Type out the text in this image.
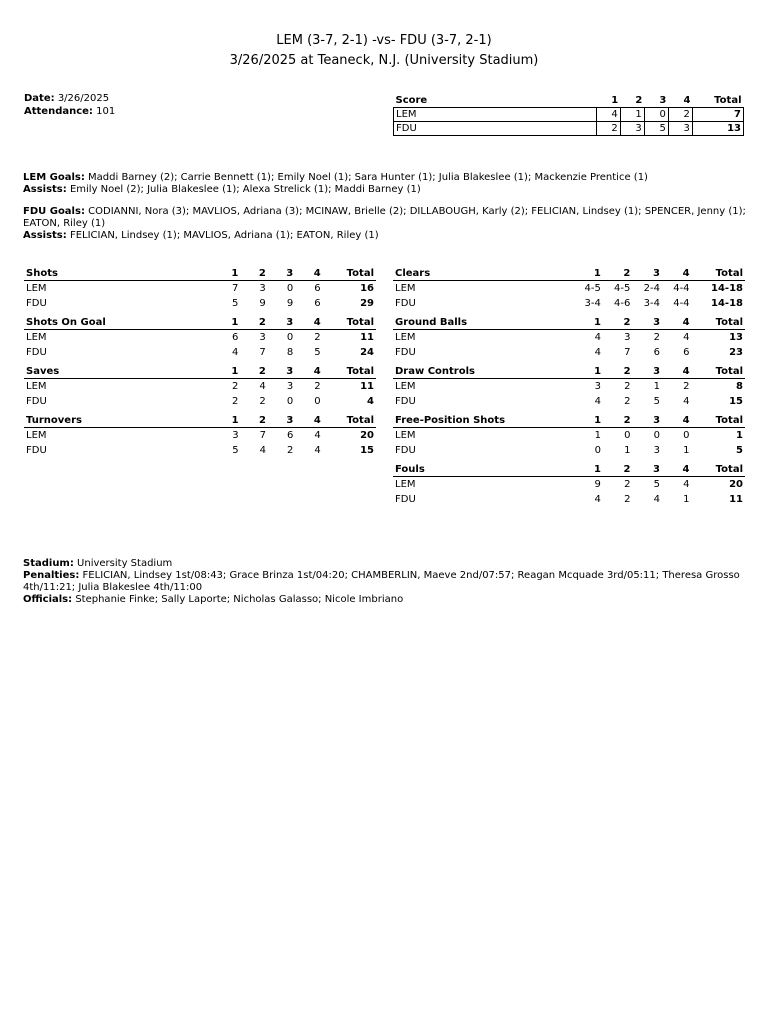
LEM (3-7, 2-1) -vs- FDU (3-7, 2-1)
3/26/2025 at Teaneck, N.J. (University Stadium)
Date: 3/26/2025
Attendance: 101
Score	1	2	3	4	Total
LEM	4	1	0	2	7
FDU	2	3	5	3	13
LEM Goals: Maddi Barney (2); Carrie Bennett (1); Emily Noel (1); Sara Hunter (1); Julia Blakeslee (1); Mackenzie Prentice (1)
Assists: Emily Noel (2); Julia Blakeslee (1); Alexa Strelick (1); Maddi Barney (1)
FDU Goals: CODIANNI, Nora (3); MAVLIOS, Adriana (3); MCINAW, Brielle (2); DILLABOUGH, Karly (2); FELICIAN, Lindsey (1); SPENCER, Jenny (1); EATON, Riley (1)
Assists: FELICIAN, Lindsey (1); MAVLIOS, Adriana (1); EATON, Riley (1)
Shots	1	2	3	4	Total
LEM	7	3	0	6	16
FDU	5	9	9	6	29
Shots On Goal	1	2	3	4	Total
LEM	6	3	0	2	11
FDU	4	7	8	5	24
Saves	1	2	3	4	Total
LEM	2	4	3	2	11
FDU	2	2	0	0	4
Turnovers	1	2	3	4	Total
LEM	3	7	6	4	20
FDU	5	4	2	4	15
Clears	1	2	3	4	Total
LEM	4-5	4-5	2-4	4-4	14-18
FDU	3-4	4-6	3-4	4-4	14-18
Ground Balls	1	2	3	4	Total
LEM	4	3	2	4	13
FDU	4	7	6	6	23
Draw Controls	1	2	3	4	Total
LEM	3	2	1	2	8
FDU	4	2	5	4	15
Free-Position Shots	1	2	3	4	Total
LEM	1	0	0	0	1
FDU	0	1	3	1	5
Fouls	1	2	3	4	Total
LEM	9	2	5	4	20
FDU	4	2	4	1	11
Stadium: University Stadium
Penalties: FELICIAN, Lindsey 1st/08:43; Grace Brinza 1st/04:20; CHAMBERLIN, Maeve 2nd/07:57; Reagan Mcquade 3rd/05:11; Theresa Grosso 4th/11:21; Julia Blakeslee 4th/11:00
Officials: Stephanie Finke; Sally Laporte; Nicholas Galasso; Nicole Imbriano
